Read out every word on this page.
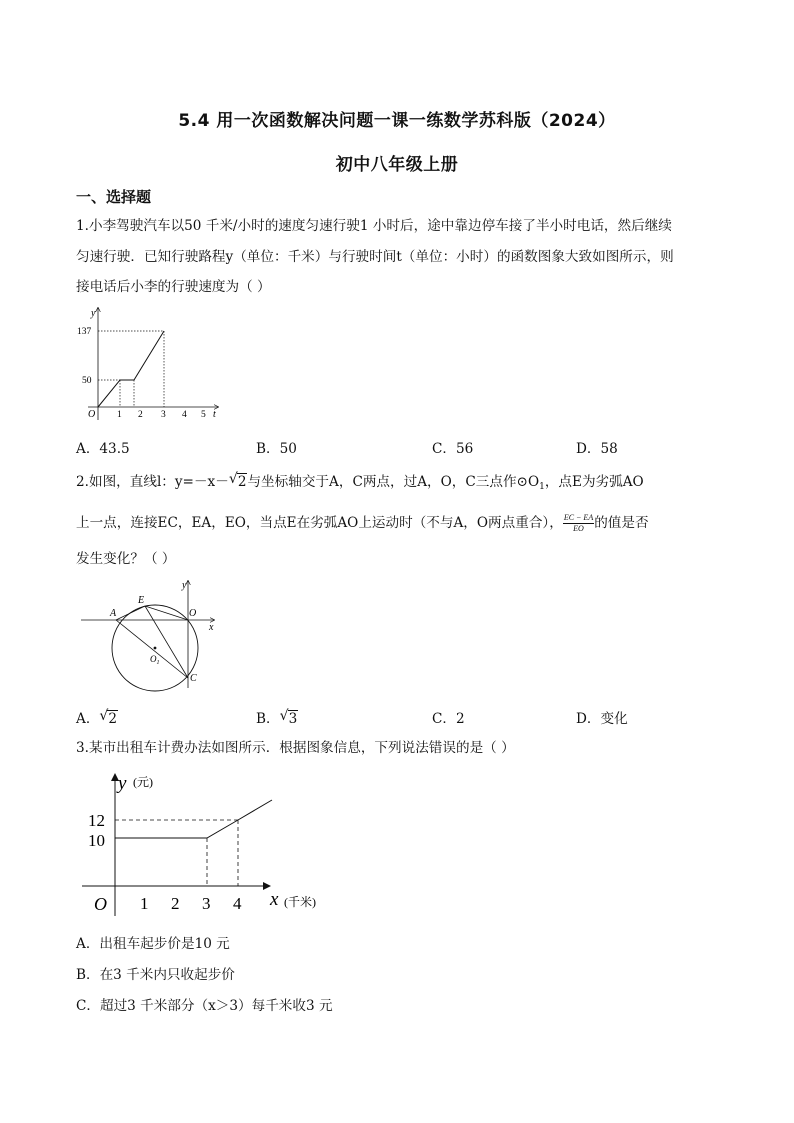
5.4 用一次函数解决问题一课一练数学苏科版（2024）
初中八年级上册
一、选择题
1.小李驾驶汽车以50 千米/小时的速度匀速行驶1 小时后，途中靠边停车接了半小时电话，然后继续
匀速行驶．已知行驶路程y（单位：千米）与行驶时间t（单位：小时）的函数图象大致如图所示，则
接电话后小李的行驶速度为（ ）
y
t
O
137
50
1 2 3 4 5
A．43.5	B．50	C．56	D．58
2.如图，直线l：y=－x－ √ 2与坐标轴交于A，C两点，过A，O，C三点作$⊙O_1$，点E为劣弧AO
上一点，连接EC，EA，EO，当点E在劣弧AO上运动时（不与A，O两点重合）， $\frac{EC - EA}{EO}$ 的值是否
发生变化？（ ）
A
E
O
C
$O_1$
x
y
A． √ 2	B． √ 3	C．2	D．变化
3.某市出租车计费办法如图所示．根据图象信息，下列说法错误的是（ ）
y (元)
x (千米)
O
12
10
1 2 3 4
A．出租车起步价是10 元
B．在3 千米内只收起步价
C．超过3 千米部分（x＞3）每千米收3 元
